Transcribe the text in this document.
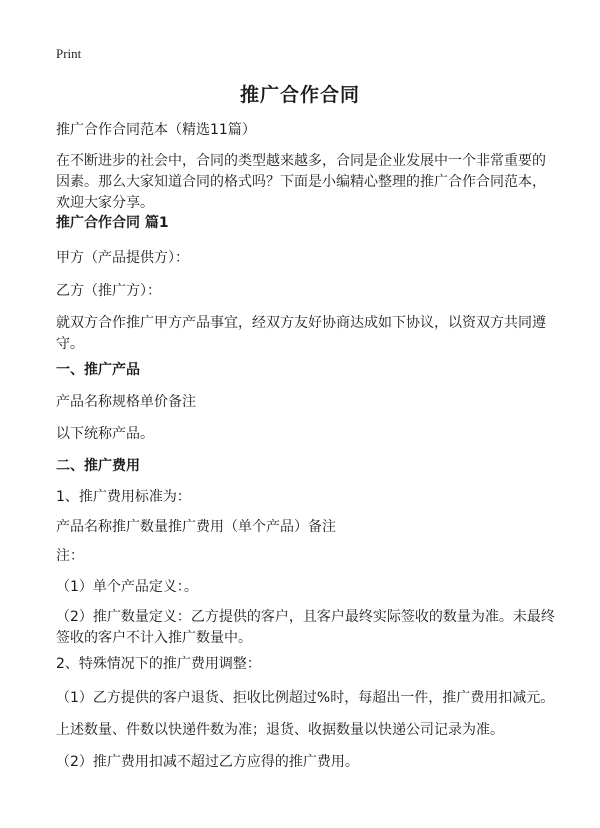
Print
推广合作合同
推广合作合同范本（精选11篇）
在不断进步的社会中，合同的类型越来越多，合同是企业发展中一个非常重要的因素。那么大家知道合同的格式吗？下面是小编精心整理的推广合作合同范本，欢迎大家分享。
推广合作合同 篇1
甲方（产品提供方）：
乙方（推广方）：
就双方合作推广甲方产品事宜，经双方友好协商达成如下协议，以资双方共同遵守。
一、推广产品
产品名称规格单价备注
以下统称产品。
二、推广费用
1、推广费用标准为：
产品名称推广数量推广费用（单个产品）备注
注：
（1）单个产品定义：。
（2）推广数量定义：乙方提供的客户，且客户最终实际签收的数量为准。未最终签收的客户不计入推广数量中。
2、特殊情况下的推广费用调整：
（1）乙方提供的客户退货、拒收比例超过%时，每超出一件，推广费用扣减元。
上述数量、件数以快递件数为准；退货、收据数量以快递公司记录为准。
（2）推广费用扣减不超过乙方应得的推广费用。
